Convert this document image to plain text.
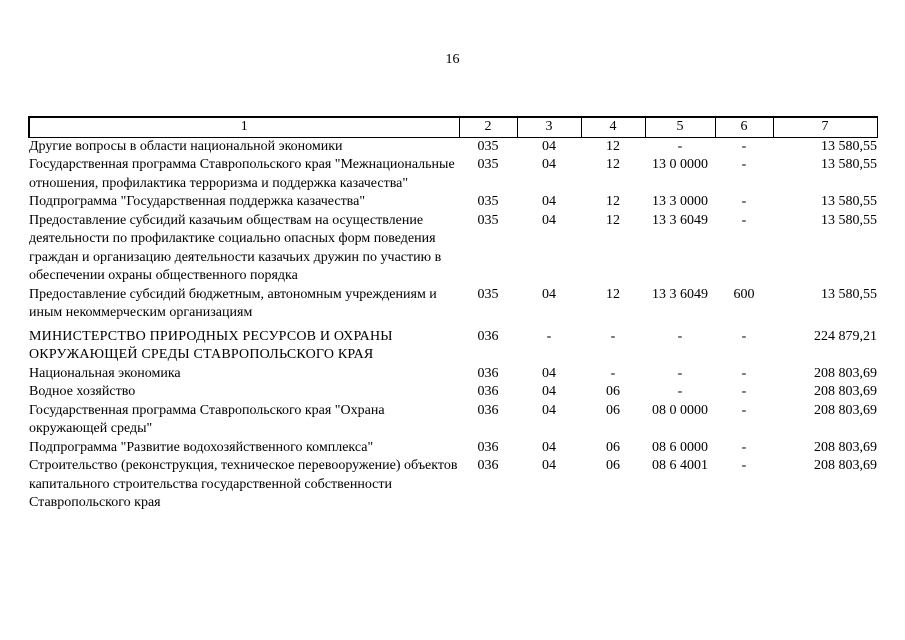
16
1	2	3	4	5	6	7
Другие вопросы в области национальной экономики	035	04	12	-	-	13 580,55
Государственная программа Ставропольского края "Межнациональные отношения, профилактика терроризма и поддержка казачества"	035	04	12	13 0 0000	-	13 580,55
Подпрограмма "Государственная поддержка казачества"	035	04	12	13 3 0000	-	13 580,55
Предоставление субсидий казачьим обществам на осуществление деятельности по профилактике социально опасных форм поведения граждан и организацию деятельности казачьих дружин по участию в обеспечении охраны общественного порядка	035	04	12	13 3 6049	-	13 580,55
Предоставление субсидий бюджетным, автономным учреждениям и иным некоммерческим организациям	035	04	12	13 3 6049	600	13 580,55
МИНИСТЕРСТВО ПРИРОДНЫХ РЕСУРСОВ И ОХРАНЫ ОКРУЖАЮЩЕЙ СРЕДЫ СТАВРОПОЛЬСКОГО КРАЯ	036	-	-	-	-	224 879,21
Национальная экономика	036	04	-	-	-	208 803,69
Водное хозяйство	036	04	06	-	-	208 803,69
Государственная программа Ставропольского края "Охрана окружающей среды"	036	04	06	08 0 0000	-	208 803,69
Подпрограмма "Развитие водохозяйственного комплекса"	036	04	06	08 6 0000	-	208 803,69
Строительство (реконструкция, техническое перевооружение) объектов капитального строительства государственной собственности Ставропольского края	036	04	06	08 6 4001	-	208 803,69
